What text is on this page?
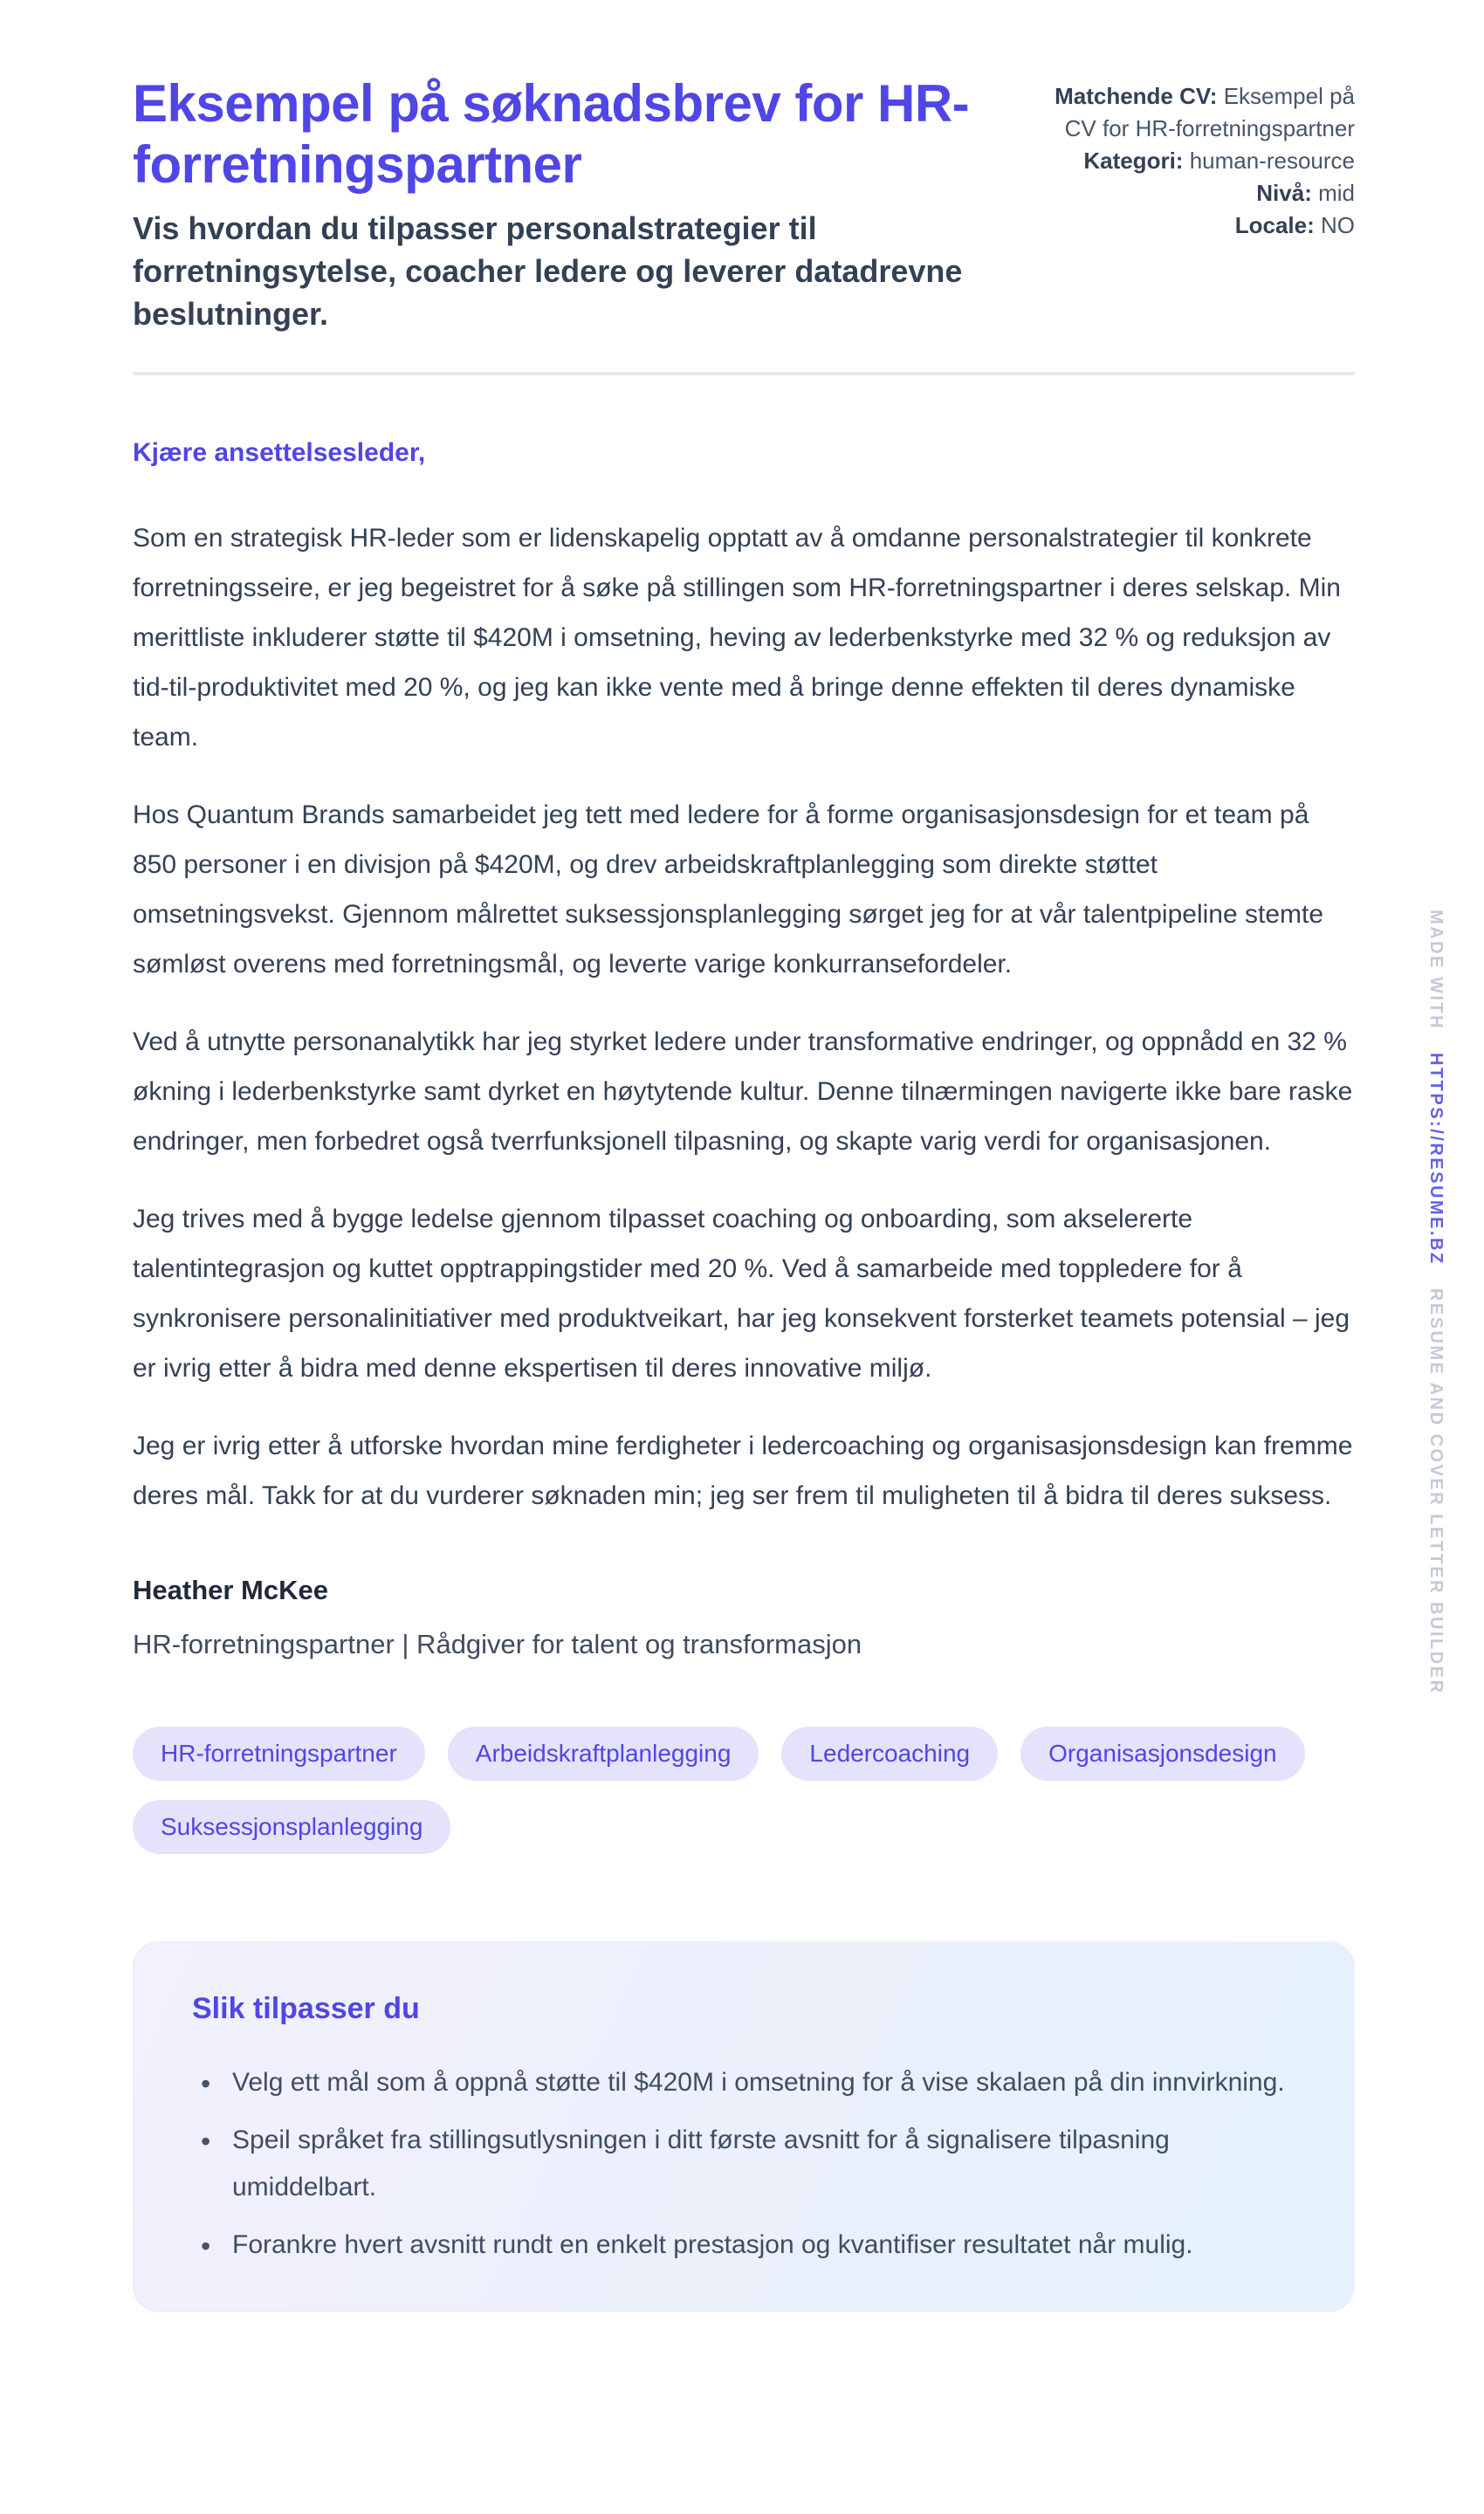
Eksempel på søknadsbrev for HR-forretningspartner

Vis hvordan du tilpasser personalstrategier til forretningsytelse, coacher ledere og leverer datadrevne beslutninger.

Matchende CV: Eksempel på CV for HR-forretningspartner
Kategori: human-resource
Nivå: mid
Locale: NO

Kjære ansettelsesleder,

Som en strategisk HR-leder som er lidenskapelig opptatt av å omdanne personalstrategier til konkrete forretningsseire, er jeg begeistret for å søke på stillingen som HR-forretningspartner i deres selskap. Min merittliste inkluderer støtte til $420M i omsetning, heving av lederbenkstyrke med 32 % og reduksjon av tid-til-produktivitet med 20 %, og jeg kan ikke vente med å bringe denne effekten til deres dynamiske team.

Hos Quantum Brands samarbeidet jeg tett med ledere for å forme organisasjonsdesign for et team på 850 personer i en divisjon på $420M, og drev arbeidskraftplanlegging som direkte støttet omsetningsvekst. Gjennom målrettet suksessjonsplanlegging sørget jeg for at vår talentpipeline stemte sømløst overens med forretningsmål, og leverte varige konkurransefordeler.

Ved å utnytte personanalytikk har jeg styrket ledere under transformative endringer, og oppnådd en 32 % økning i lederbenkstyrke samt dyrket en høytytende kultur. Denne tilnærmingen navigerte ikke bare raske endringer, men forbedret også tverrfunksjonell tilpasning, og skapte varig verdi for organisasjonen.

Jeg trives med å bygge ledelse gjennom tilpasset coaching og onboarding, som akselererte talentintegrasjon og kuttet opptrappingstider med 20 %. Ved å samarbeide med toppledere for å synkronisere personalinitiativer med produktveikart, har jeg konsekvent forsterket teamets potensial – jeg er ivrig etter å bidra med denne ekspertisen til deres innovative miljø.

Jeg er ivrig etter å utforske hvordan mine ferdigheter i ledercoaching og organisasjonsdesign kan fremme deres mål. Takk for at du vurderer søknaden min; jeg ser frem til muligheten til å bidra til deres suksess.

Heather McKee

HR-forretningspartner | Rådgiver for talent og transformasjon

HR-forretningspartner	Arbeidskraftplanlegging	Ledercoaching	Organisasjonsdesign
Suksessjonsplanlegging
Slik tilpasser du
• Velg ett mål som å oppnå støtte til $420M i omsetning for å vise skalaen på din innvirkning.
• Speil språket fra stillingsutlysningen i ditt første avsnitt for å signalisere tilpasning umiddelbart.
• Forankre hvert avsnitt rundt en enkelt prestasjon og kvantifiser resultatet når mulig.
MADE WITH HTTPS://RESUME.BZ RESUME AND COVER LETTER BUILDER
